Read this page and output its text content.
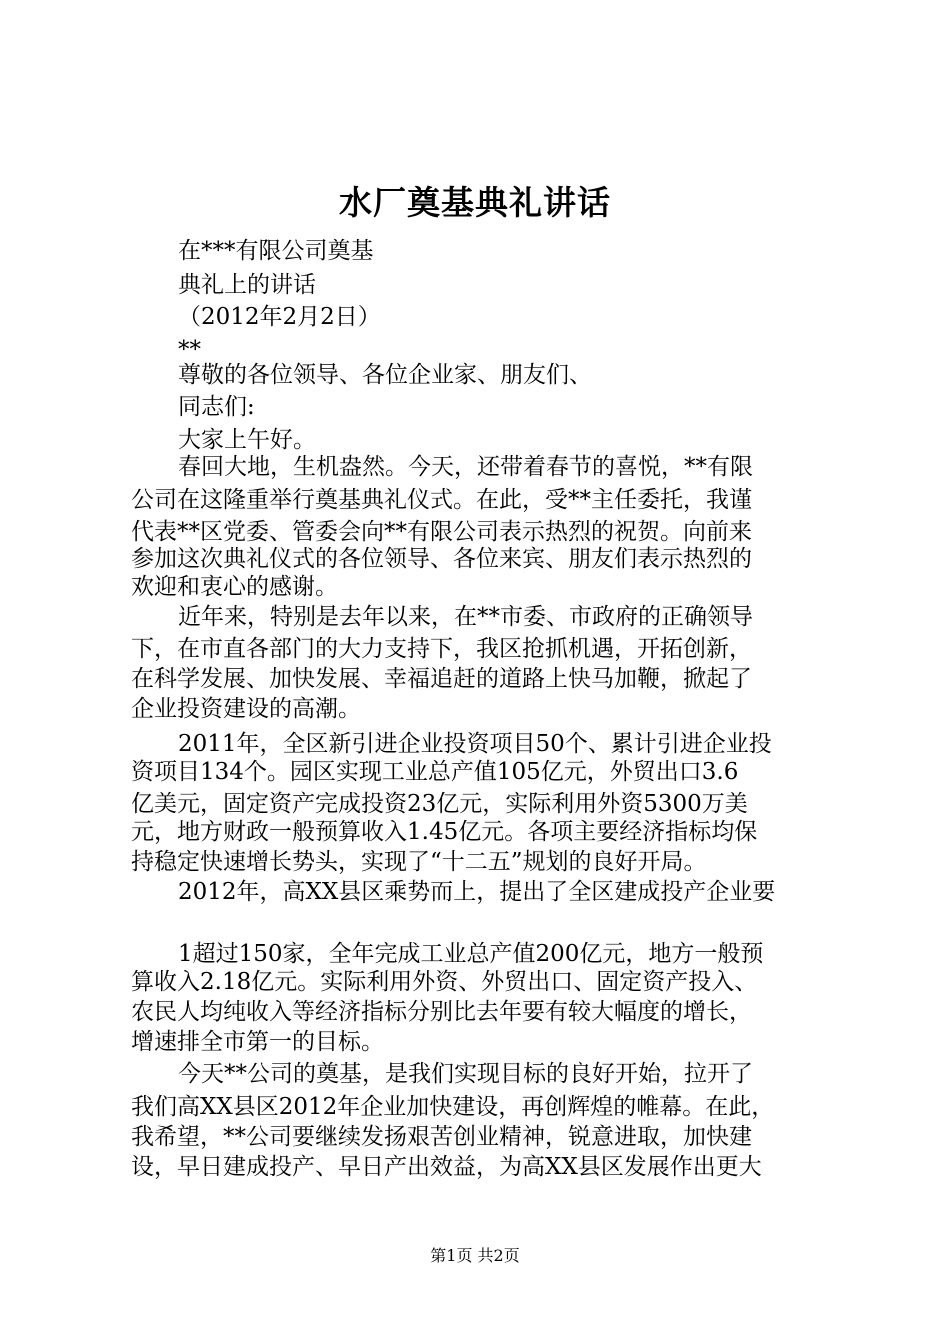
水厂奠基典礼讲话
在***有限公司奠基
典礼上的讲话
（2012年2月2日）
**
尊敬的各位领导、各位企业家、朋友们、
同志们:
大家上午好。
春回大地，生机盎然。今天，还带着春节的喜悦，**有限
公司在这隆重举行奠基典礼仪式。在此，受**主任委托，我谨
代表**区党委、管委会向**有限公司表示热烈的祝贺。向前来
参加这次典礼仪式的各位领导、各位来宾、朋友们表示热烈的
欢迎和衷心的感谢。
近年来，特别是去年以来，在**市委、市政府的正确领导
下，在市直各部门的大力支持下，我区抢抓机遇，开拓创新，
在科学发展、加快发展、幸福追赶的道路上快马加鞭，掀起了
企业投资建设的高潮。
2011年，全区新引进企业投资项目50个、累计引进企业投
资项目134个。园区实现工业总产值105亿元，外贸出口3.6
亿美元，固定资产完成投资23亿元，实际利用外资5300万美
元，地方财政一般预算收入1.45亿元。各项主要经济指标均保
持稳定快速增长势头，实现了“十二五”规划的良好开局。
2012年，高XX县区乘势而上，提出了全区建成投产企业要
1超过150家，全年完成工业总产值200亿元，地方一般预
算收入2.18亿元。实际利用外资、外贸出口、固定资产投入、
农民人均纯收入等经济指标分别比去年要有较大幅度的增长，
增速排全市第一的目标。
今天**公司的奠基，是我们实现目标的良好开始，拉开了
我们高XX县区2012年企业加快建设，再创辉煌的帷幕。在此，
我希望，**公司要继续发扬艰苦创业精神，锐意进取，加快建
设，早日建成投产、早日产出效益，为高XX县区发展作出更大
第1页 共2页
